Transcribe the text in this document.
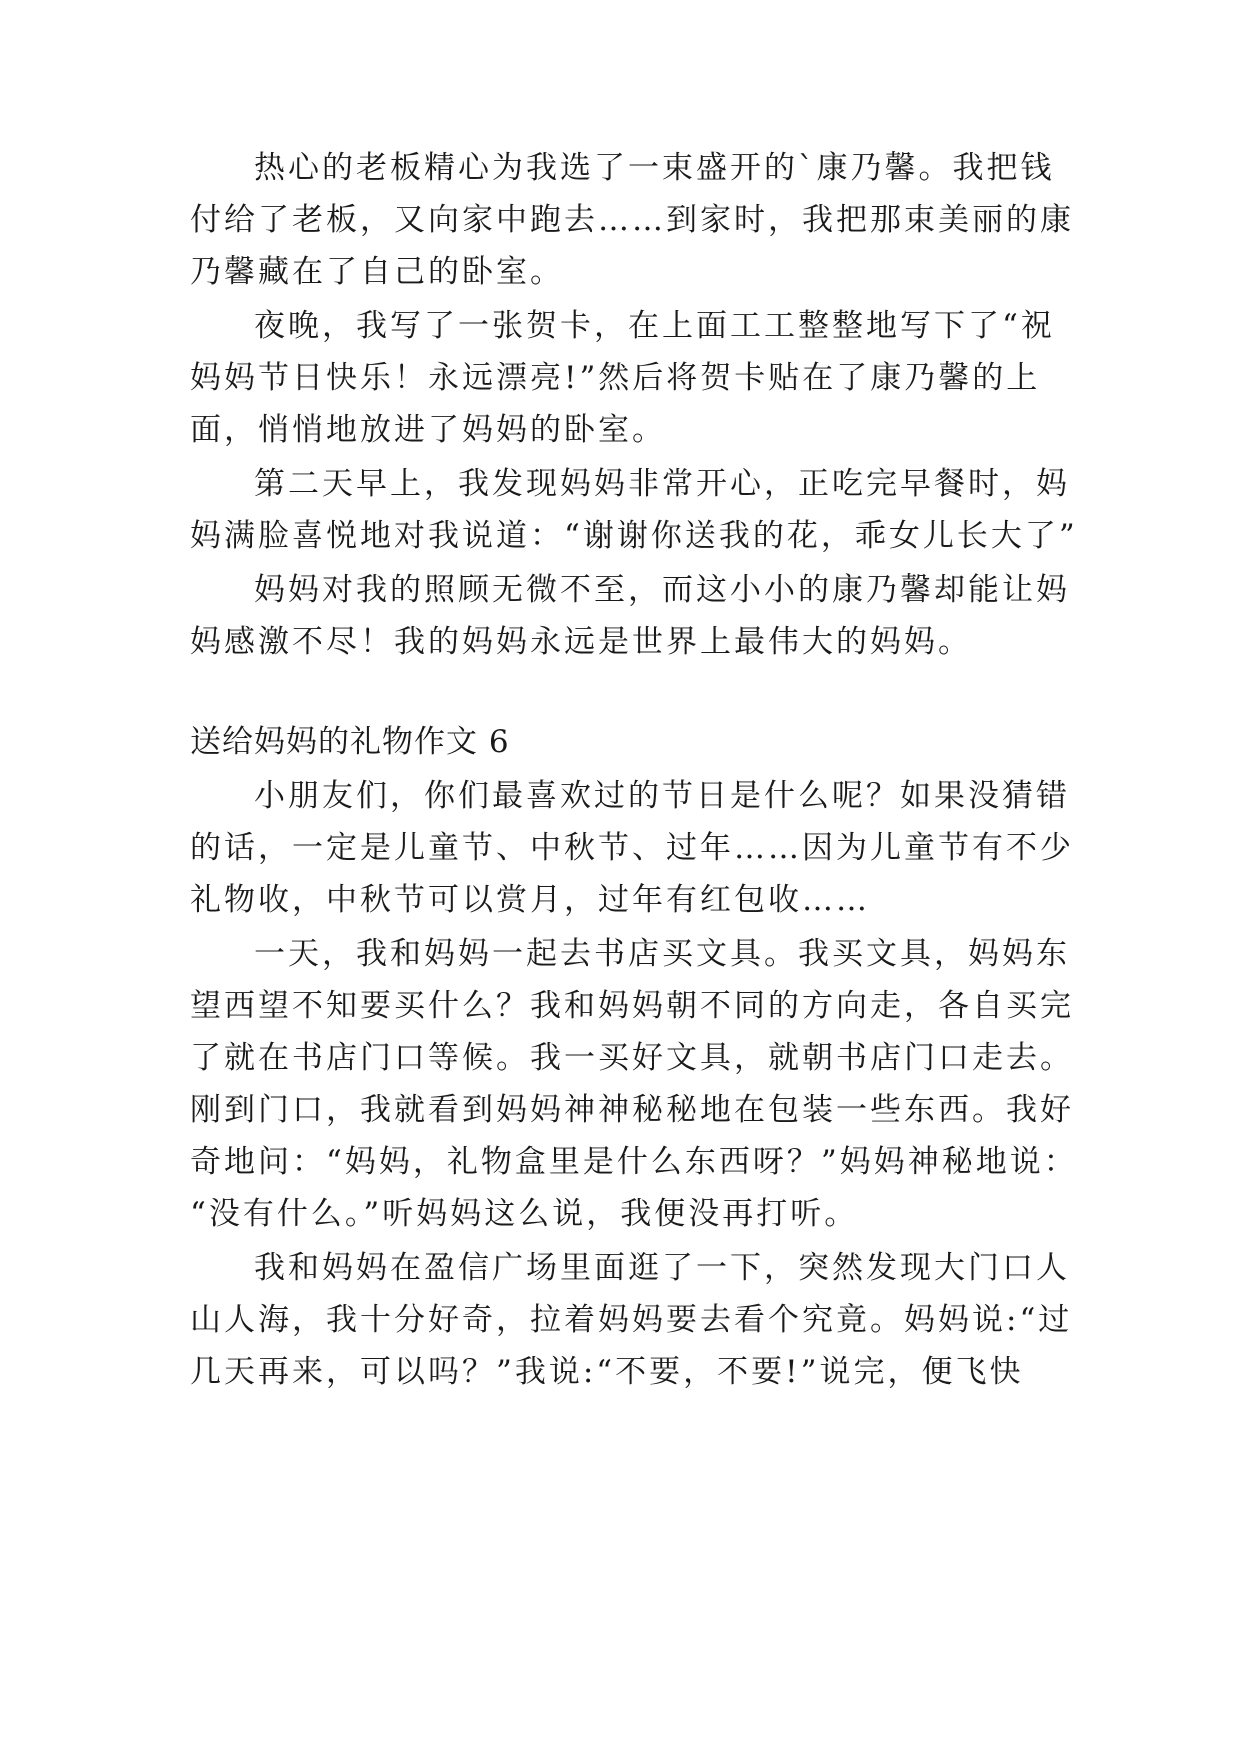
热心的老板精心为我选了一束盛开的`康乃馨。我把钱
付给了老板，又向家中跑去……到家时，我把那束美丽的康
乃馨藏在了自己的卧室。
夜晚，我写了一张贺卡，在上面工工整整地写下了“祝
妈妈节日快乐！永远漂亮!”然后将贺卡贴在了康乃馨的上
面，悄悄地放进了妈妈的卧室。
第二天早上，我发现妈妈非常开心，正吃完早餐时，妈
妈满脸喜悦地对我说道：“谢谢你送我的花，乖女儿长大了”
妈妈对我的照顾无微不至，而这小小的康乃馨却能让妈
妈感激不尽！我的妈妈永远是世界上最伟大的妈妈。
送给妈妈的礼物作文 6
小朋友们，你们最喜欢过的节日是什么呢？如果没猜错
的话，一定是儿童节、中秋节、过年……因为儿童节有不少
礼物收，中秋节可以赏月，过年有红包收……
一天，我和妈妈一起去书店买文具。我买文具，妈妈东
望西望不知要买什么？我和妈妈朝不同的方向走，各自买完
了就在书店门口等候。我一买好文具，就朝书店门口走去。
刚到门口，我就看到妈妈神神秘秘地在包装一些东西。我好
奇地问：“妈妈，礼物盒里是什么东西呀？”妈妈神秘地说：
“没有什么。”听妈妈这么说，我便没再打听。
我和妈妈在盈信广场里面逛了一下，突然发现大门口人
山人海，我十分好奇，拉着妈妈要去看个究竟。妈妈说:“过
几天再来，可以吗？”我说:“不要，不要!”说完，便飞快
